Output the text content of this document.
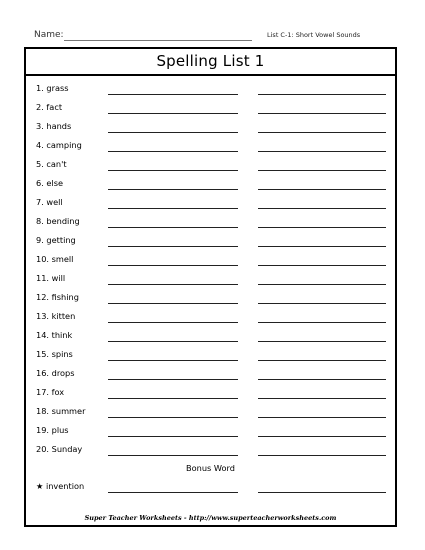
Name:	List C-1: Short Vowel Sounds
Spelling List 1
1. grass
2. fact
3. hands
4. camping
5. can't
6. else
7. well
8. bending
9. getting
10. smell
11. will
12. fishing
13. kitten
14. think
15. spins
16. drops
17. fox
18. summer
19. plus
20. Sunday
Bonus Word
★ invention
Super Teacher Worksheets - http://www.superteacherworksheets.com
